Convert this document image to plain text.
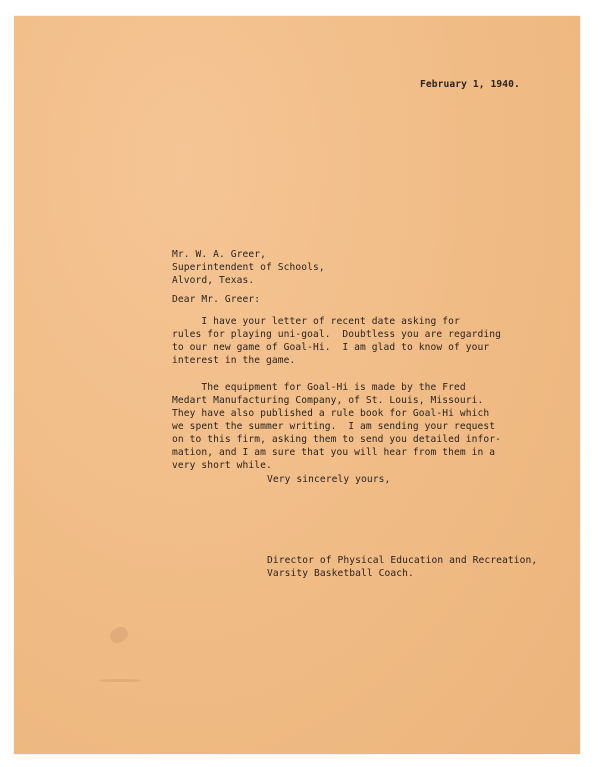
February 1, 1940.
Mr. W. A. Greer,
Superintendent of Schools,
Alvord, Texas.
Dear Mr. Greer:
I have your letter of recent date asking for
rules for playing uni-goal.  Doubtless you are regarding
to our new game of Goal-Hi.  I am glad to know of your
interest in the game.
The equipment for Goal-Hi is made by the Fred
Medart Manufacturing Company, of St. Louis, Missouri.
They have also published a rule book for Goal-Hi which
we spent the summer writing.  I am sending your request
on to this firm, asking them to send you detailed infor-
mation, and I am sure that you will hear from them in a
very short while.
Very sincerely yours,
Director of Physical Education and Recreation,
Varsity Basketball Coach.
